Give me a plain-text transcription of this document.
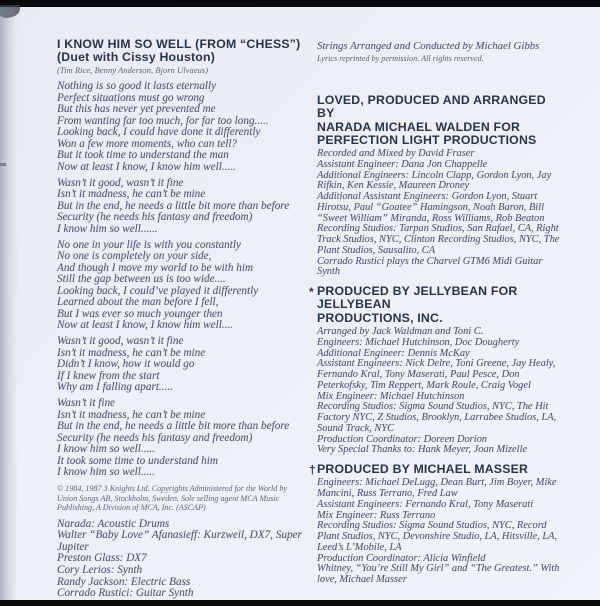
I KNOW HIM SO WELL (FROM “CHESS”)
(Duet with Cissy Houston)
(Tim Rice, Benny Anderson, Bjorn Ulvaeus)

Nothing is so good it lasts eternally

Perfect situations must go wrong

But this has never yet prevented me

From wanting far too much, for far too long.....

Looking back, I could have done it differently

Won a few more moments, who can tell?

But it took time to understand the man

Now at least I know, I know him well.....

Wasn’t it good, wasn’t it fine

Isn’t it madness, he can’t be mine

But in the end, he needs a little bit more than before

Security (he needs his fantasy and freedom)

I know him so well......

No one in your life is with you constantly

No one is completely on your side,

And though I move my world to be with him

Still the gap between us is too wide....

Looking back, I could’ve played it differently

Learned about the man before I fell,

But I was ever so much younger then

Now at least I know, I know him well....

Wasn’t it good, wasn’t it fine

Isn’t it madness, he can’t be mine

Didn’t I know, how it would go

If I knew from the start

Why am I falling apart.....

Wasn’t it fine

Isn’t it madness, he can’t be mine

But in the end, he needs a little bit more than before

Security (he needs his fantasy and freedom)

I know him so well.....

It took some time to understand him

I know him so well.....

© 1984, 1987 3 Knights Ltd. Copyrights Administered for the World by Union Songs AB, Stockholm, Sweden. Sole selling agent MCA Music Publishing, A Division of MCA, Inc. (ASCAP)

Narada: Acoustic Drums

Walter “Baby Love” Afanasieff: Kurzweil, DX7, Super Jupiter

Preston Glass: DX7

Cory Lerios: Synth

Randy Jackson: Electric Bass

Corrado Rustici: Guitar Synth

Strings Arranged and Conducted by Michael Gibbs

Lyrics reprinted by permission. All rights reserved.

LOVED, PRODUCED AND ARRANGED BY
NARADA MICHAEL WALDEN FOR
PERFECTION LIGHT PRODUCTIONS

Recorded and Mixed by David Fraser

Assistant Engineer: Dana Jon Chappelle

Additional Engineers: Lincoln Clapp, Gordon Lyon, Jay Rifkin, Ken Kessie, Maureen Droney

Additional Assistant Engineers: Gordon Lyon, Stuart Hirotsu, Paul “Goatee” Hamingson, Noah Baron, Bill “Sweet William” Miranda, Ross Williams, Rob Beaton

Recording Studios: Tarpan Studios, San Rafael, CA, Right Track Studios, NYC, Clinton Recording Studios, NYC, The Plant Studios, Sausalito, CA

Corrado Rustici plays the Charvel GTM6 Midi Guitar Synth

* PRODUCED BY JELLYBEAN FOR JELLYBEAN
PRODUCTIONS, INC.

Arranged by Jack Waldman and Toni C.

Engineers: Michael Hutchinson, Doc Dougherty

Additional Engineer: Dennis McKay

Assistant Engineers: Nick Delre, Toni Greene, Jay Healy, Fernando Kral, Tony Maserati, Paul Pesce, Don Peterkofsky, Tim Reppert, Mark Roule, Craig Vogel

Mix Engineer: Michael Hutchinson

Recording Studios: Sigma Sound Studios, NYC, The Hit Factory NYC, Z Studios, Brooklyn, Larrabee Studios, LA, Sound Track, NYC

Production Coordinator: Doreen Dorion

Very Special Thanks to: Hank Meyer, Joan Mizelle

† PRODUCED BY MICHAEL MASSER

Engineers: Michael DeLugg, Dean Burt, Jim Boyer, Mike Mancini, Russ Terrano, Fred Law

Assistant Engineers: Fernando Kral, Tony Maserati

Mix Engineer: Russ Terrano

Recording Studios: Sigma Sound Studios, NYC, Record Plant Studios, NYC, Devonshire Studio, LA, Hitsville, LA, Leed’s L’Mobile, LA

Production Coordinator: Alicia Winfield

Whitney, “You’re Still My Girl” and “The Greatest.” With love, Michael Masser
